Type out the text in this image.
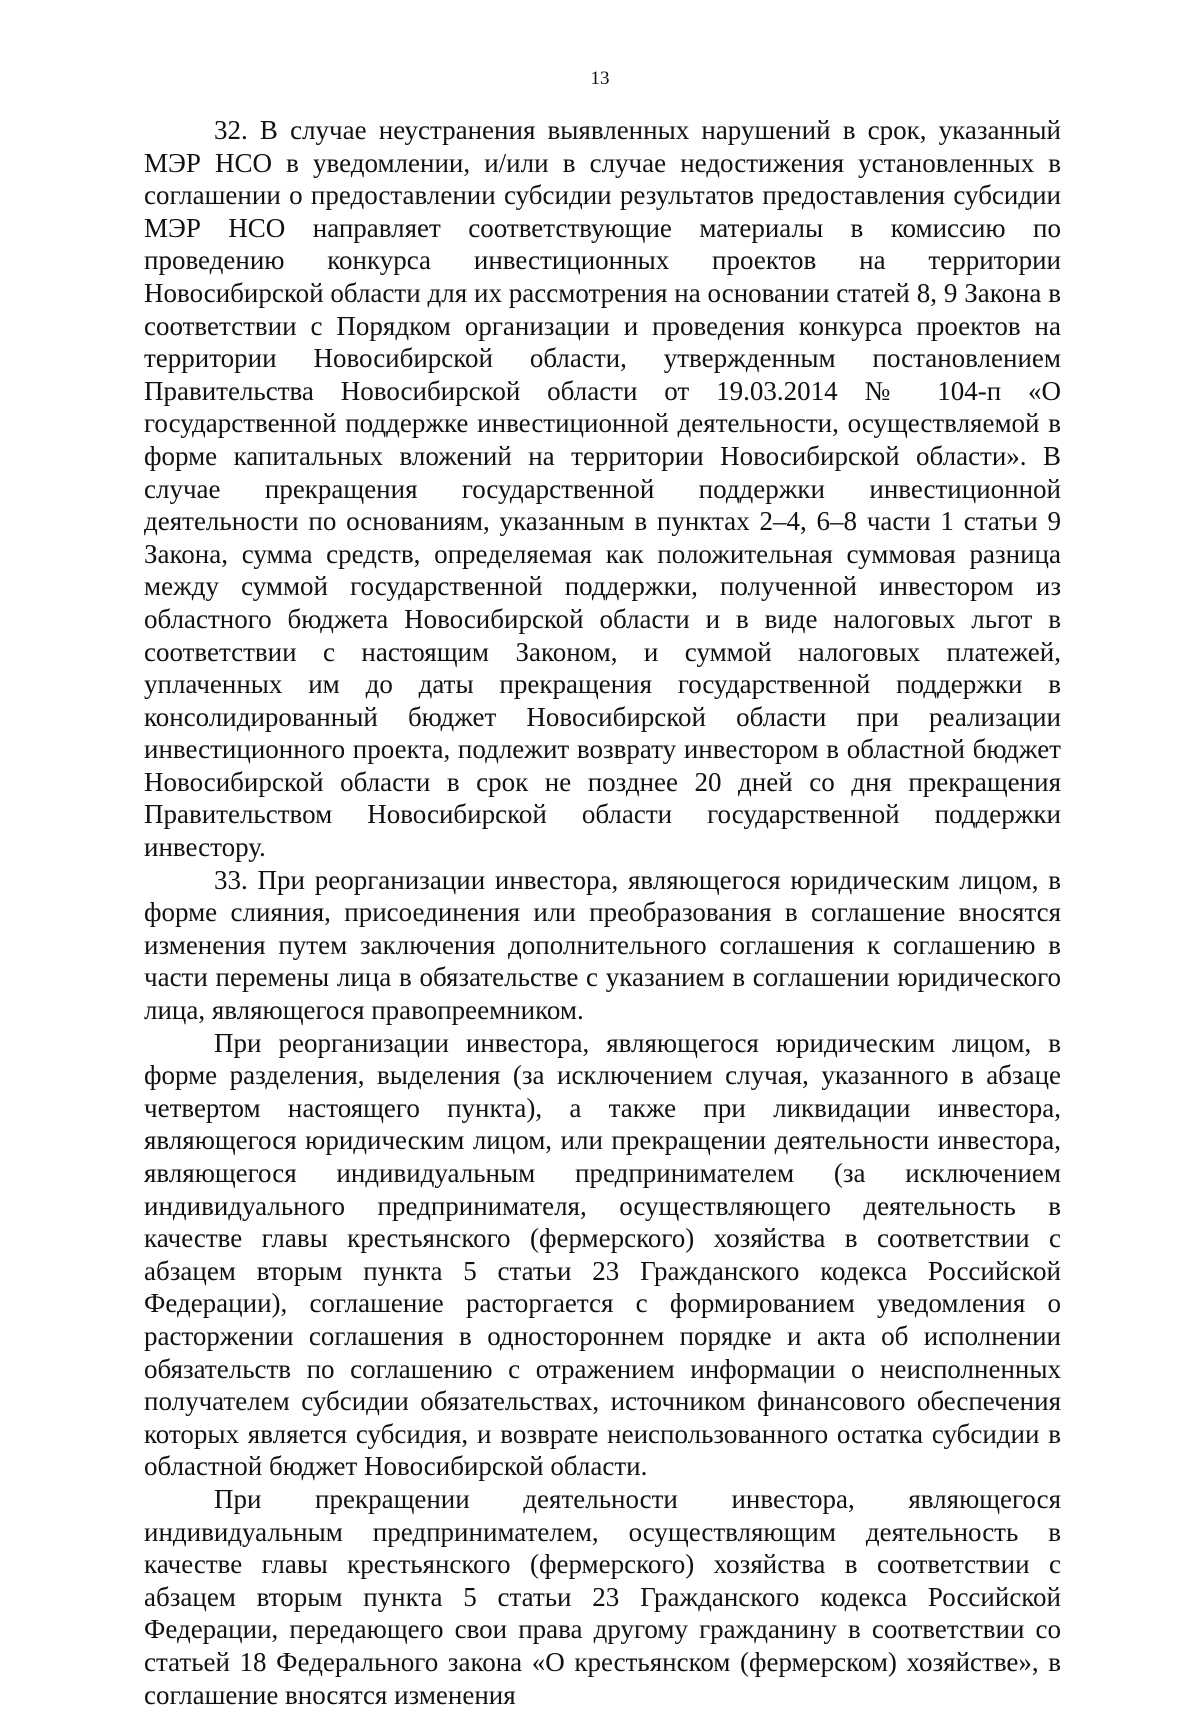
13

32. В случае неустранения выявленных нарушений в срок, указанный МЭР НСО в уведомлении, и/или в случае недостижения установленных в соглашении о предоставлении субсидии результатов предоставления субсидии МЭР НСО направляет соответствующие материалы в комиссию по проведению конкурса инвестиционных проектов на территории Новосибирской области для их рассмотрения на основании статей 8, 9 Закона в соответствии с Порядком организации и проведения конкурса проектов на территории Новосибирской области, утвержденным постановлением Правительства Новосибирской области от 19.03.2014 № 104-п «О государственной поддержке инвестиционной деятельности, осуществляемой в форме капитальных вложений на территории Новосибирской области». В случае прекращения государственной поддержки инвестиционной деятельности по основаниям, указанным в пунктах 2–4, 6–8 части 1 статьи 9 Закона, сумма средств, определяемая как положительная суммовая разница между суммой государственной поддержки, полученной инвестором из областного бюджета Новосибирской области и в виде налоговых льгот в соответствии с настоящим Законом, и суммой налоговых платежей, уплаченных им до даты прекращения государственной поддержки в консолидированный бюджет Новосибирской области при реализации инвестиционного проекта, подлежит возврату инвестором в областной бюджет Новосибирской области в срок не позднее 20 дней со дня прекращения Правительством Новосибирской области государственной поддержки инвестору.

33. При реорганизации инвестора, являющегося юридическим лицом, в форме слияния, присоединения или преобразования в соглашение вносятся изменения путем заключения дополнительного соглашения к соглашению в части перемены лица в обязательстве с указанием в соглашении юридического лица, являющегося правопреемником.

При реорганизации инвестора, являющегося юридическим лицом, в форме разделения, выделения (за исключением случая, указанного в абзаце четвертом настоящего пункта), а также при ликвидации инвестора, являющегося юридическим лицом, или прекращении деятельности инвестора, являющегося индивидуальным предпринимателем (за исключением индивидуального предпринимателя, осуществляющего деятельность в качестве главы крестьянского (фермерского) хозяйства в соответствии с абзацем вторым пункта 5 статьи 23 Гражданского кодекса Российской Федерации), соглашение расторгается с формированием уведомления о расторжении соглашения в одностороннем порядке и акта об исполнении обязательств по соглашению с отражением информации о неисполненных получателем субсидии обязательствах, источником финансового обеспечения которых является субсидия, и возврате неиспользованного остатка субсидии в областной бюджет Новосибирской области.

При прекращении деятельности инвестора, являющегося индивидуальным предпринимателем, осуществляющим деятельность в качестве главы крестьянского (фермерского) хозяйства в соответствии с абзацем вторым пункта 5 статьи 23 Гражданского кодекса Российской Федерации, передающего свои права другому гражданину в соответствии со статьей 18 Федерального закона «О крестьянском (фермерском) хозяйстве», в соглашение вносятся изменения
